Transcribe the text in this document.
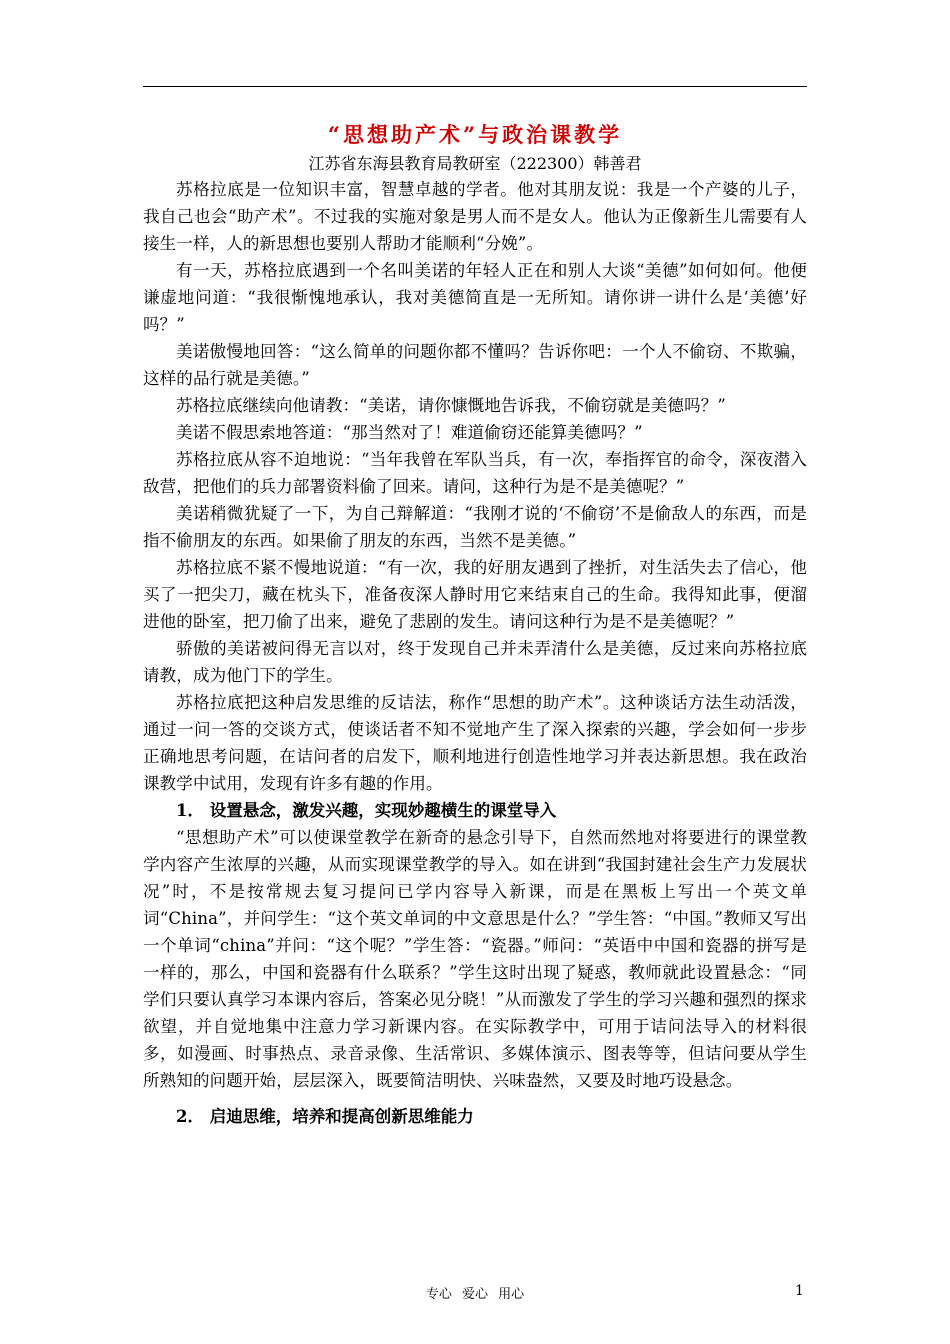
“思想助产术”与政治课教学

江苏省东海县教育局教研室（222300）韩善君

苏格拉底是一位知识丰富，智慧卓越的学者。他对其朋友说：我是一个产婆的儿子，我自己也会“助产术”。不过我的实施对象是男人而不是女人。他认为正像新生儿需要有人接生一样，人的新思想也要别人帮助才能顺利“分娩”。

有一天，苏格拉底遇到一个名叫美诺的年轻人正在和别人大谈“美德”如何如何。他便谦虚地问道：“我很惭愧地承认，我对美德简直是一无所知。请你讲一讲什么是‘美德’好吗？”

美诺傲慢地回答：“这么简单的问题你都不懂吗？告诉你吧：一个人不偷窃、不欺骗，这样的品行就是美德。”

苏格拉底继续向他请教：“美诺，请你慷慨地告诉我，不偷窃就是美德吗？”

美诺不假思索地答道：“那当然对了！难道偷窃还能算美德吗？”

苏格拉底从容不迫地说：“当年我曾在军队当兵，有一次，奉指挥官的命令，深夜潜入敌营，把他们的兵力部署资料偷了回来。请问，这种行为是不是美德呢？”

美诺稍微犹疑了一下，为自己辩解道：“我刚才说的‘不偷窃’不是偷敌人的东西，而是指不偷朋友的东西。如果偷了朋友的东西，当然不是美德。”

苏格拉底不紧不慢地说道：“有一次，我的好朋友遇到了挫折，对生活失去了信心，他买了一把尖刀，藏在枕头下，准备夜深人静时用它来结束自己的生命。我得知此事，便溜进他的卧室，把刀偷了出来，避免了悲剧的发生。请问这种行为是不是美德呢？”

骄傲的美诺被问得无言以对，终于发现自己并未弄清什么是美德，反过来向苏格拉底请教，成为他门下的学生。

苏格拉底把这种启发思维的反诘法，称作“思想的助产术”。这种谈话方法生动活泼，通过一问一答的交谈方式，使谈话者不知不觉地产生了深入探索的兴趣，学会如何一步步正确地思考问题，在诘问者的启发下，顺利地进行创造性地学习并表达新思想。我在政治课教学中试用，发现有许多有趣的作用。

1． 设置悬念，激发兴趣，实现妙趣横生的课堂导入

“思想助产术”可以使课堂教学在新奇的悬念引导下，自然而然地对将要进行的课堂教学内容产生浓厚的兴趣，从而实现课堂教学的导入。如在讲到“我国封建社会生产力发展状况”时，不是按常规去复习提问已学内容导入新课，而是在黑板上写出一个英文单词“China”，并问学生：“这个英文单词的中文意思是什么？”学生答：“中国。”教师又写出一个单词“china”并问：“这个呢？”学生答：“瓷器。”师问：“英语中中国和瓷器的拼写是一样的，那么，中国和瓷器有什么联系？”学生这时出现了疑惑，教师就此设置悬念：“同学们只要认真学习本课内容后，答案必见分晓！”从而激发了学生的学习兴趣和强烈的探求欲望，并自觉地集中注意力学习新课内容。在实际教学中，可用于诘问法导入的材料很多，如漫画、时事热点、录音录像、生活常识、多媒体演示、图表等等，但诘问要从学生所熟知的问题开始，层层深入，既要简洁明快、兴味盎然，又要及时地巧设悬念。

2． 启迪思维，培养和提高创新思维能力

专心 爱心 用心	1
